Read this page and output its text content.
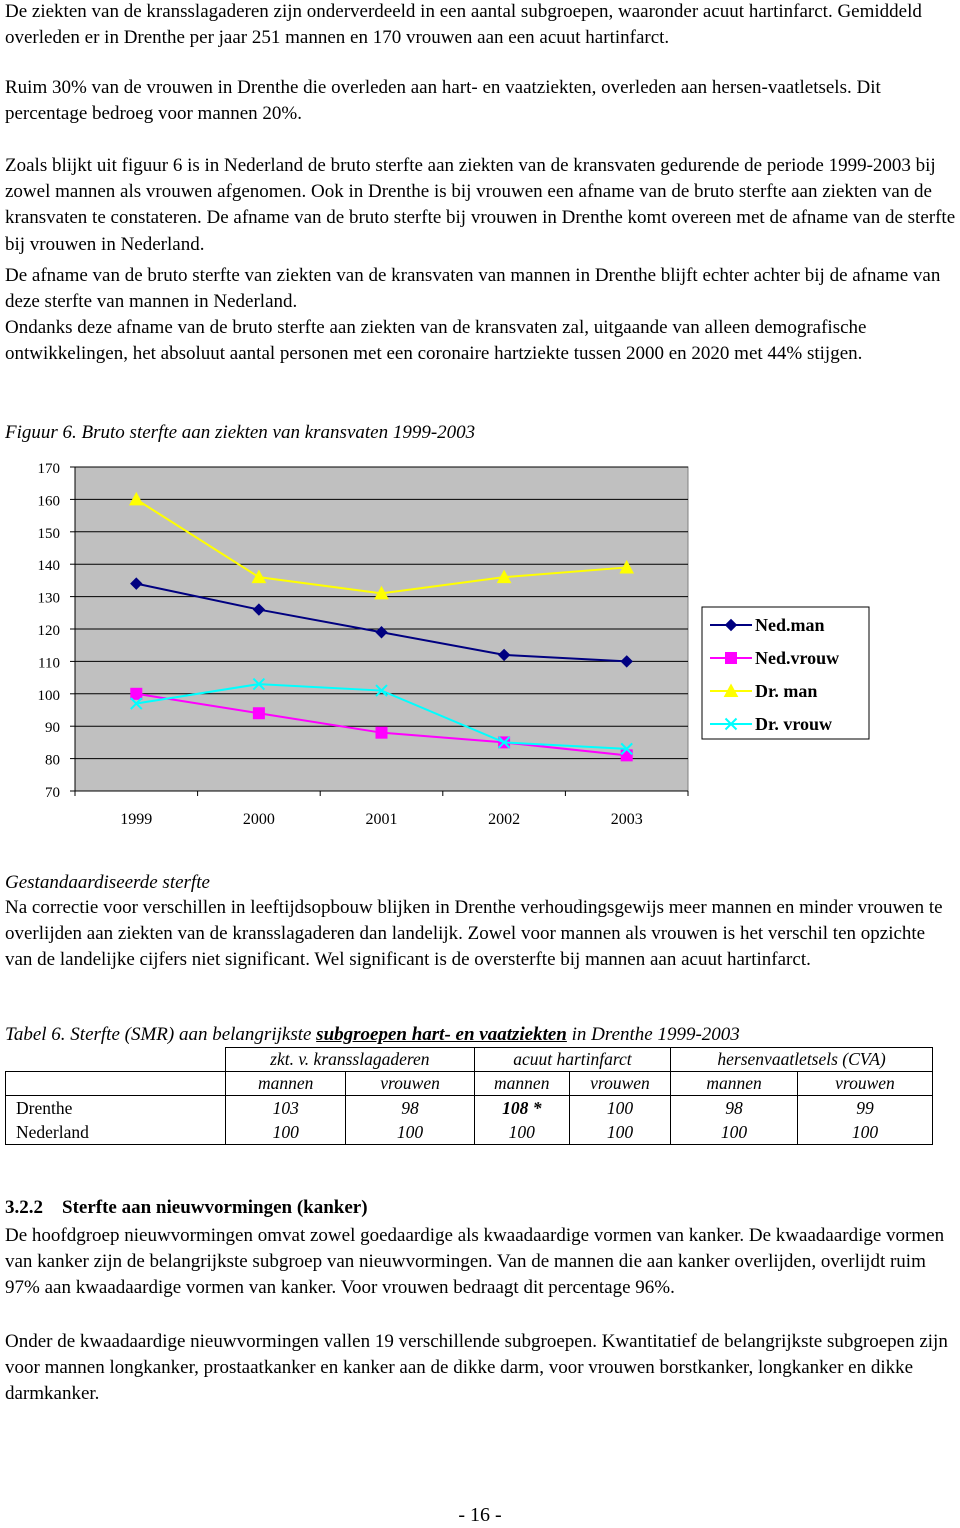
De ziekten van de kransslagaderen zijn onderverdeeld in een aantal subgroepen, waaronder acuut hartinfarct. Gemiddeld overleden er in Drenthe per jaar 251 mannen en 170 vrouwen aan een acuut hartinfarct.

Ruim 30% van de vrouwen in Drenthe die overleden aan hart- en vaatziekten, overleden aan hersen-vaatletsels. Dit percentage bedroeg voor mannen 20%.

Zoals blijkt uit figuur 6 is in Nederland de bruto sterfte aan ziekten van de kransvaten gedurende de periode 1999-2003 bij zowel mannen als vrouwen afgenomen. Ook in Drenthe is bij vrouwen een afname van de bruto sterfte aan ziekten van de kransvaten te constateren. De afname van de bruto sterfte bij vrouwen in Drenthe komt overeen met de afname van de sterfte bij vrouwen in Nederland.

De afname van de bruto sterfte van ziekten van de kransvaten van mannen in Drenthe blijft echter achter bij de afname van deze sterfte van mannen in Nederland.

Ondanks deze afname van de bruto sterfte aan ziekten van de kransvaten zal, uitgaande van alleen demografische ontwikkelingen, het absoluut aantal personen met een coronaire hartziekte tussen 2000 en 2020 met 44% stijgen.

Figuur 6. Bruto sterfte aan ziekten van kransvaten 1999-2003

70
80
90
100
110
120
130
140
150
160
170
1999	2000	2001	2002	2003
Ned.man
Ned.vrouw
Dr. man
Dr. vrouw

Gestandaardiseerde sterfte

Na correctie voor verschillen in leeftijdsopbouw blijken in Drenthe verhoudingsgewijs meer mannen en minder vrouwen te overlijden aan ziekten van de kransslagaderen dan landelijk. Zowel voor mannen als vrouwen is het verschil ten opzichte van de landelijke cijfers niet significant. Wel significant is de oversterfte bij mannen aan acuut hartinfarct.

Tabel 6. Sterfte (SMR) aan belangrijkste subgroepen hart- en vaatziekten in Drenthe 1999-2003

	zkt. v. kransslagaderen		acuut hartinfarct		hersenvaatletsels (CVA)	
	mannen	vrouwen	mannen	vrouwen	mannen	vrouwen
Drenthe	103	98	108 *	100	98	99
Nederland	100	100	100	100	100	100

3.2.2 Sterfte aan nieuwvormingen (kanker)

De hoofdgroep nieuwvormingen omvat zowel goedaardige als kwaadaardige vormen van kanker. De kwaadaardige vormen van kanker zijn de belangrijkste subgroep van nieuwvormingen. Van de mannen die aan kanker overlijden, overlijdt ruim 97% aan kwaadaardige vormen van kanker. Voor vrouwen bedraagt dit percentage 96%.

Onder de kwaadaardige nieuwvormingen vallen 19 verschillende subgroepen. Kwantitatief de belangrijkste subgroepen zijn voor mannen longkanker, prostaatkanker en kanker aan de dikke darm, voor vrouwen borstkanker, longkanker en dikke darmkanker.

- 16 -
